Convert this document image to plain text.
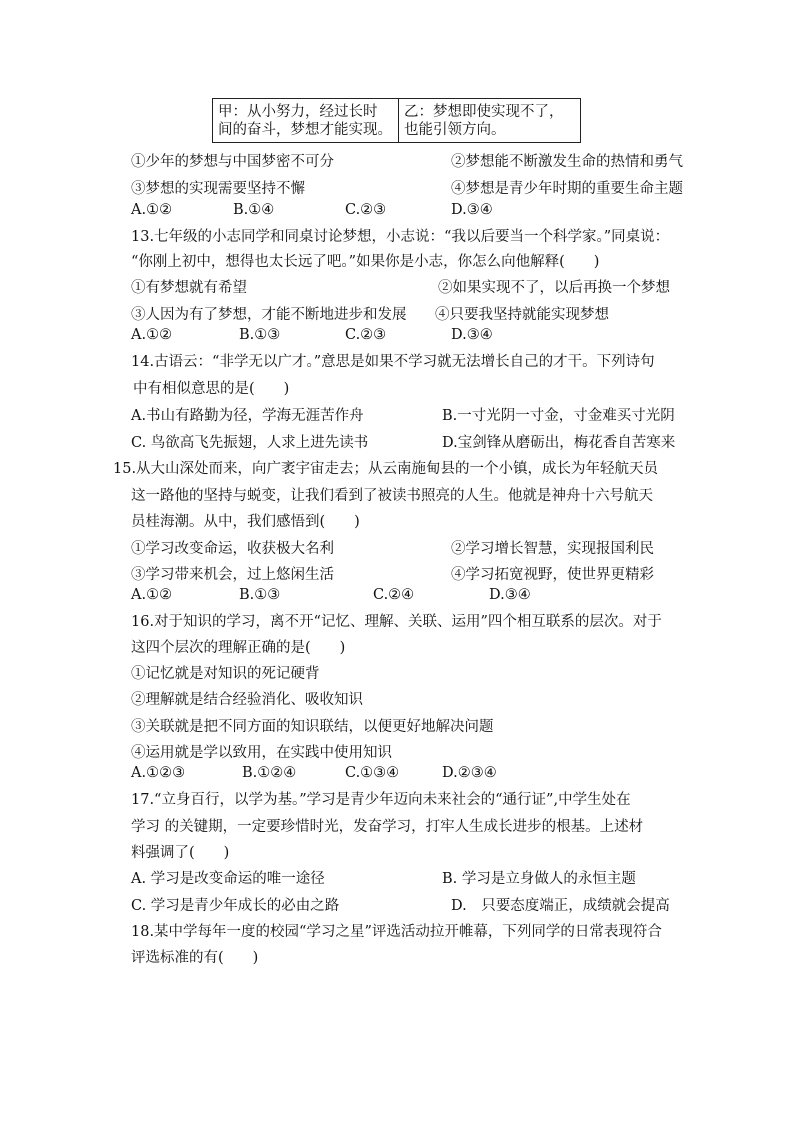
甲：从小努力，经过长时
间的奋斗，梦想才能实现。
乙：梦想即使实现不了，
也能引领方向。
①少年的梦想与中国梦密不可分	②梦想能不断激发生命的热情和勇气
③梦想的实现需要坚持不懈	④梦想是青少年时期的重要生命主题
A.①②	B.①④	C.②③	D.③④
13.七年级的小志同学和同桌讨论梦想，小志说：“我以后要当一个科学家。”同桌说：
“你刚上初中，想得也太长远了吧。”如果你是小志，你怎么向他解释(　　)
①有梦想就有希望	②如果实现不了，以后再换一个梦想
③人因为有了梦想，才能不断地进步和发展 ④只要我坚持就能实现梦想
A.①②	B.①③	C.②③	D.③④
14.古语云：“非学无以广才。”意思是如果不学习就无法增长自己的才干。下列诗句
中有相似意思的是(　　)
A.书山有路勤为径，学海无涯苦作舟	B.一寸光阴一寸金，寸金难买寸光阴
C. 鸟欲高飞先振翅，人求上进先读书	D.宝剑锋从磨砺出，梅花香自苦寒来
15.从大山深处而来，向广袤宇宙走去；从云南施甸县的一个小镇，成长为年轻航天员
这一路他的坚持与蜕变，让我们看到了被读书照亮的人生。他就是神舟十六号航天
员桂海潮。从中，我们感悟到(　　)
①学习改变命运，收获极大名利	②学习增长智慧，实现报国利民
③学习带来机会，过上悠闲生活	④学习拓宽视野，使世界更精彩
A.①②	B.①③	C.②④	D.③④
16.对于知识的学习，离不开“记忆、理解、关联、运用”四个相互联系的层次。对于
这四个层次的理解正确的是(　　)
①记忆就是对知识的死记硬背
②理解就是结合经验消化、吸收知识
③关联就是把不同方面的知识联结，以便更好地解决问题
④运用就是学以致用，在实践中使用知识
A.①②③	B.①②④	C.①③④	D.②③④
17.“立身百行，以学为基。”学习是青少年迈向未来社会的“通行证”,中学生处在
学习 的关键期，一定要珍惜时光，发奋学习，打牢人生成长进步的根基。上述材
料强调了(　　)
A. 学习是改变命运的唯一途径	B. 学习是立身做人的永恒主题
C. 学习是青少年成长的必由之路	D.　只要态度端正，成绩就会提高
18.某中学每年一度的校园“学习之星”评选活动拉开帷幕，下列同学的日常表现符合
评选标准的有(　　)
